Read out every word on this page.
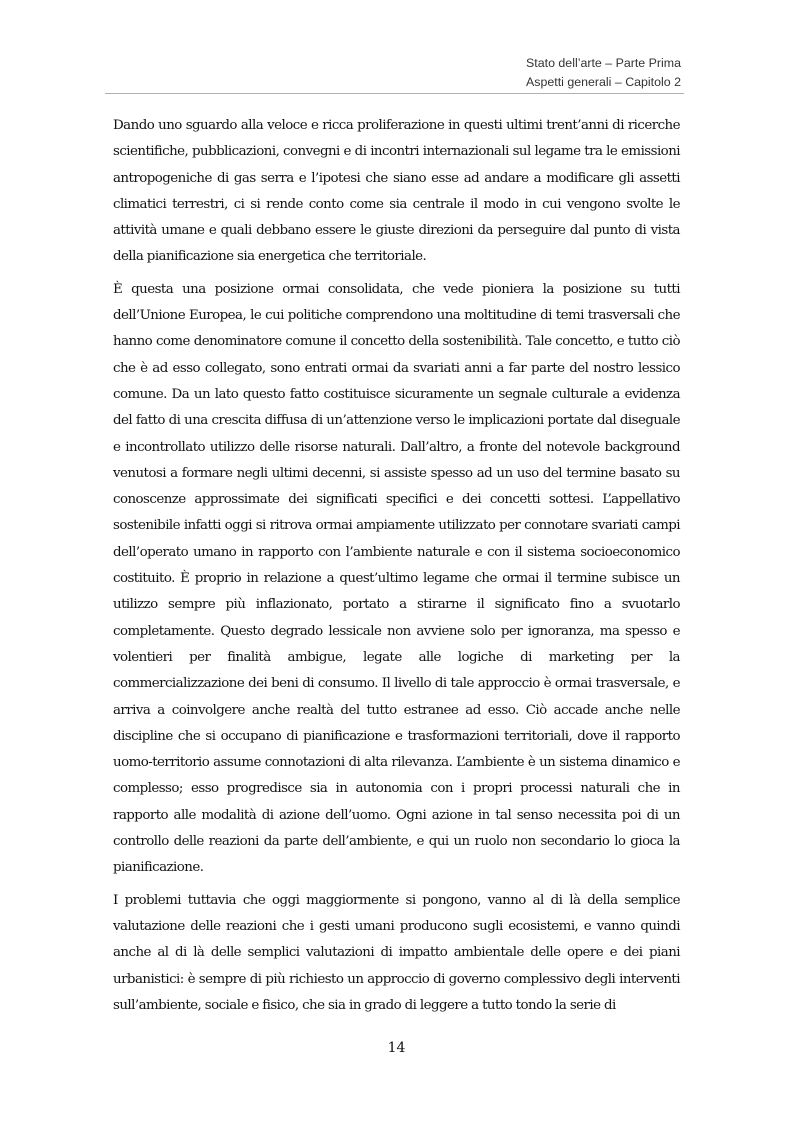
Stato dell’arte – Parte Prima
Aspetti generali – Capitolo 2

Dando uno sguardo alla veloce e ricca proliferazione in questi ultimi trent’anni di ricerche scientifiche, pubblicazioni, convegni e di incontri internazionali sul legame tra le emissioni antropogeniche di gas serra e l’ipotesi che siano esse ad andare a modificare gli assetti climatici terrestri, ci si rende conto come sia centrale il modo in cui vengono svolte le attività umane e quali debbano essere le giuste direzioni da perseguire dal punto di vista della pianificazione sia energetica che territoriale.

È questa una posizione ormai consolidata, che vede pioniera la posizione su tutti dell’Unione Europea, le cui politiche comprendono una moltitudine di temi trasversali che hanno come denominatore comune il concetto della sostenibilità. Tale concetto, e tutto ciò che è ad esso collegato, sono entrati ormai da svariati anni a far parte del nostro lessico comune. Da un lato questo fatto costituisce sicuramente un segnale culturale a evidenza del fatto di una crescita diffusa di un’attenzione verso le implicazioni portate dal diseguale e incontrollato utilizzo delle risorse naturali. Dall’altro, a fronte del notevole background venutosi a formare negli ultimi decenni, si assiste spesso ad un uso del termine basato su conoscenze approssimate dei significati specifici e dei concetti sottesi. L’appellativo sostenibile infatti oggi si ritrova ormai ampiamente utilizzato per connotare svariati campi dell’operato umano in rapporto con l’ambiente naturale e con il sistema socioeconomico costituito. È proprio in relazione a quest’ultimo legame che ormai il termine subisce un utilizzo sempre più inflazionato, portato a stirarne il significato fino a svuotarlo completamente. Questo degrado lessicale non avviene solo per ignoranza, ma spesso e volentieri per finalità ambigue, legate alle logiche di marketing per la commercializzazione dei beni di consumo. Il livello di tale approccio è ormai trasversale, e arriva a coinvolgere anche realtà del tutto estranee ad esso. Ciò accade anche nelle discipline che si occupano di pianificazione e trasformazioni territoriali, dove il rapporto uomo-territorio assume connotazioni di alta rilevanza. L’ambiente è un sistema dinamico e complesso; esso progredisce sia in autonomia con i propri processi naturali che in rapporto alle modalità di azione dell’uomo. Ogni azione in tal senso necessita poi di un controllo delle reazioni da parte dell’ambiente, e qui un ruolo non secondario lo gioca la pianificazione.

I problemi tuttavia che oggi maggiormente si pongono, vanno al di là della semplice valutazione delle reazioni che i gesti umani producono sugli ecosistemi, e vanno quindi anche al di là delle semplici valutazioni di impatto ambientale delle opere e dei piani urbanistici: è sempre di più richiesto un approccio di governo complessivo degli interventi sull’ambiente, sociale e fisico, che sia in grado di leggere a tutto tondo la serie di

14
